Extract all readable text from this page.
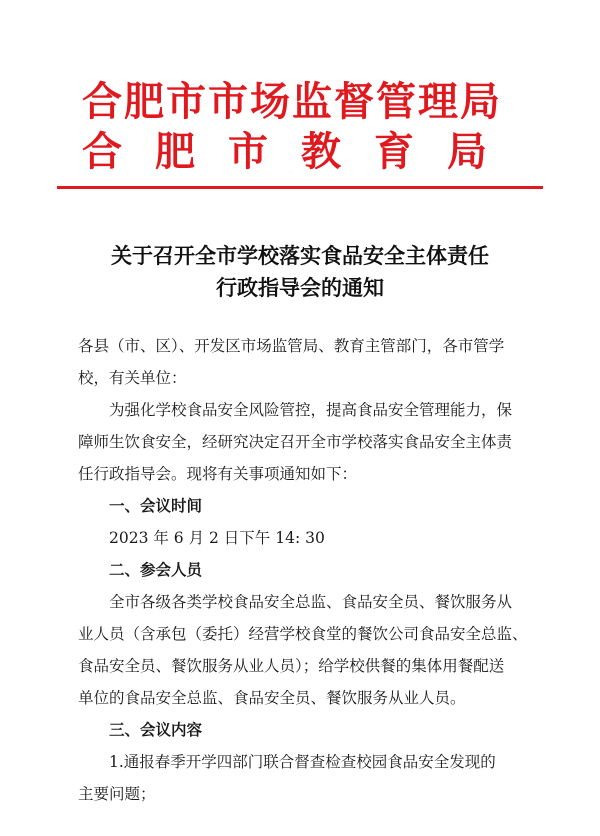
合肥市市场监督管理局
合肥市教育局
关于召开全市学校落实食品安全主体责任
行政指导会的通知
各县（市、区）、开发区市场监管局、教育主管部门，各市管学
校，有关单位：
为强化学校食品安全风险管控，提高食品安全管理能力，保
障师生饮食安全，经研究决定召开全市学校落实食品安全主体责
任行政指导会。现将有关事项通知如下：
一、会议时间
2023 年 6 月 2 日下午 14: 30
二、参会人员
全市各级各类学校食品安全总监、食品安全员、餐饮服务从
业人员（含承包（委托）经营学校食堂的餐饮公司食品安全总监、
食品安全员、餐饮服务从业人员）；给学校供餐的集体用餐配送
单位的食品安全总监、食品安全员、餐饮服务从业人员。
三、会议内容
1.通报春季开学四部门联合督查检查校园食品安全发现的
主要问题；
